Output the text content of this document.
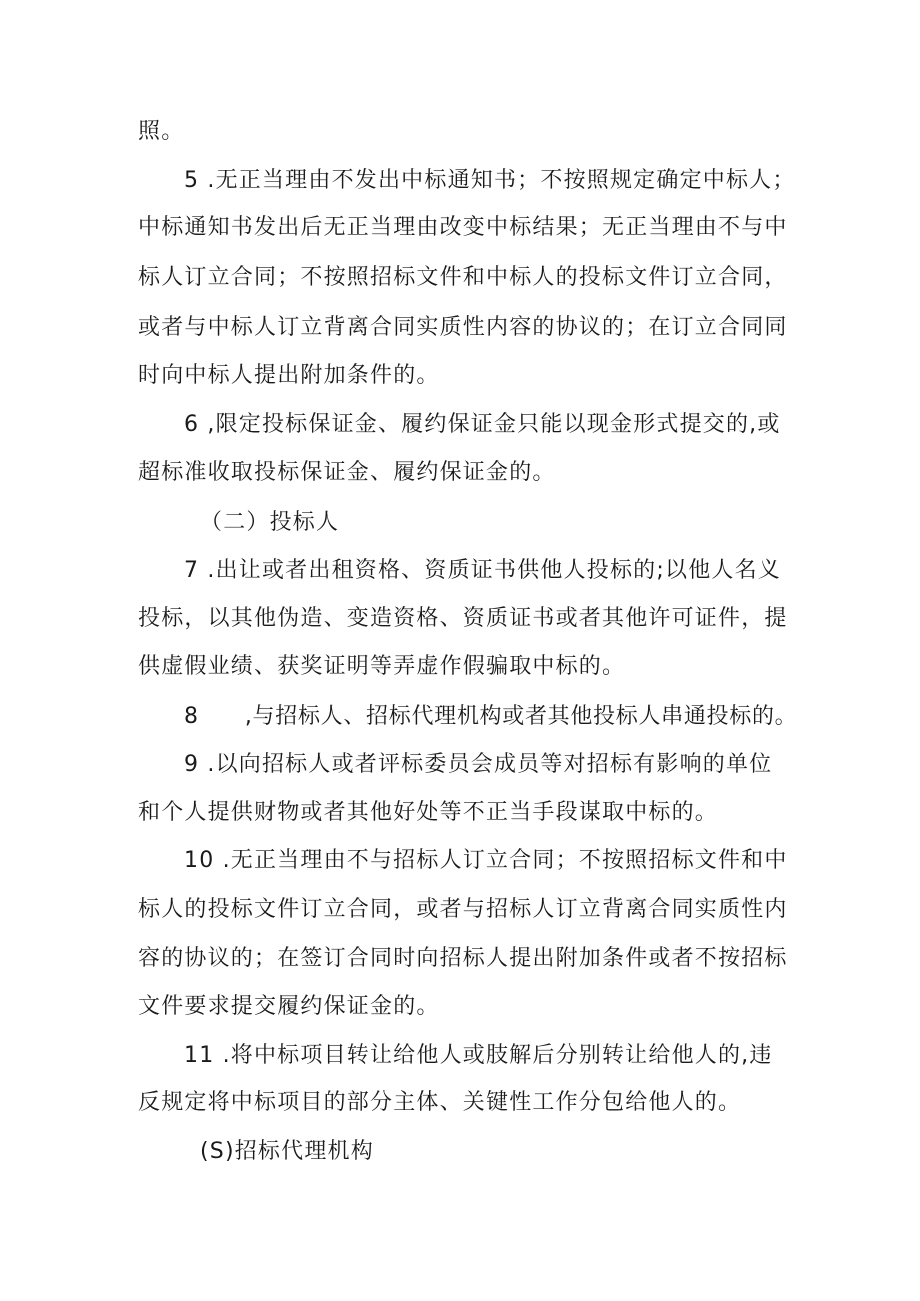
照。
5 .无正当理由不发出中标通知书；不按照规定确定中标人；
中标通知书发出后无正当理由改变中标结果；无正当理由不与中
标人订立合同；不按照招标文件和中标人的投标文件订立合同，
或者与中标人订立背离合同实质性内容的协议的；在订立合同同
时向中标人提出附加条件的。
6 ,限定投标保证金、履约保证金只能以现金形式提交的,或
超标准收取投标保证金、履约保证金的。
（二）投标人
7 .出让或者出租资格、资质证书供他人投标的;以他人名义
投标，以其他伪造、变造资格、资质证书或者其他许可证件，提
供虚假业绩、获奖证明等弄虚作假骗取中标的。
8      ,与招标人、招标代理机构或者其他投标人串通投标的。
9 .以向招标人或者评标委员会成员等对招标有影响的单位
和个人提供财物或者其他好处等不正当手段谋取中标的。
10 .无正当理由不与招标人订立合同；不按照招标文件和中
标人的投标文件订立合同，或者与招标人订立背离合同实质性内
容的协议的；在签订合同时向招标人提出附加条件或者不按招标
文件要求提交履约保证金的。
11 .将中标项目转让给他人或肢解后分别转让给他人的,违
反规定将中标项目的部分主体、关键性工作分包给他人的。
(S)招标代理机构
